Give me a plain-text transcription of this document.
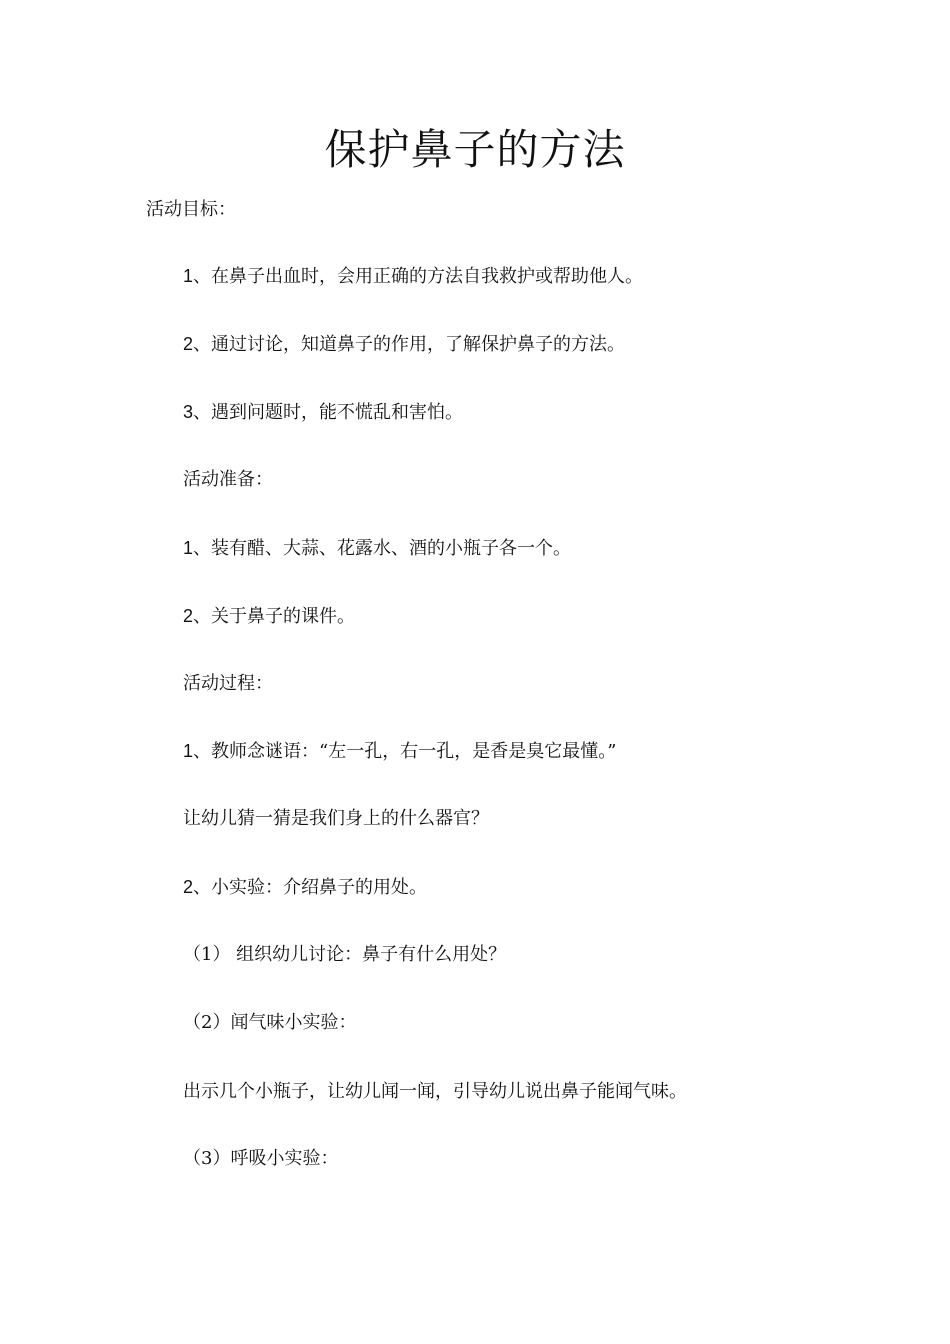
保护鼻子的方法

活动目标：

1、在鼻子出血时，会用正确的方法自我救护或帮助他人。

2、通过讨论，知道鼻子的作用，了解保护鼻子的方法。

3、遇到问题时，能不慌乱和害怕。

活动准备：

1、装有醋、大蒜、花露水、酒的小瓶子各一个。

2、关于鼻子的课件。

活动过程：

1、教师念谜语：“左一孔，右一孔，是香是臭它最懂。”

让幼儿猜一猜是我们身上的什么器官？

2、小实验：介绍鼻子的用处。

（1） 组织幼儿讨论：鼻子有什么用处？

（2）闻气味小实验：

出示几个小瓶子，让幼儿闻一闻，引导幼儿说出鼻子能闻气味。

（3）呼吸小实验：
